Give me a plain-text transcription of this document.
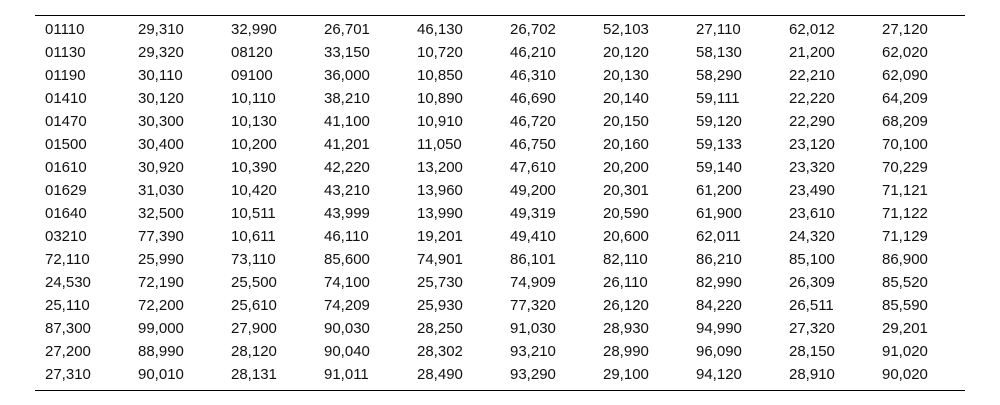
01110	29,310	32,990	26,701	46,130	26,702	52,103	27,110	62,012	27,120
01130	29,320	08120	33,150	10,720	46,210	20,120	58,130	21,200	62,020
01190	30,110	09100	36,000	10,850	46,310	20,130	58,290	22,210	62,090
01410	30,120	10,110	38,210	10,890	46,690	20,140	59,111	22,220	64,209
01470	30,300	10,130	41,100	10,910	46,720	20,150	59,120	22,290	68,209
01500	30,400	10,200	41,201	11,050	46,750	20,160	59,133	23,120	70,100
01610	30,920	10,390	42,220	13,200	47,610	20,200	59,140	23,320	70,229
01629	31,030	10,420	43,210	13,960	49,200	20,301	61,200	23,490	71,121
01640	32,500	10,511	43,999	13,990	49,319	20,590	61,900	23,610	71,122
03210	77,390	10,611	46,110	19,201	49,410	20,600	62,011	24,320	71,129
72,110	25,990	73,110	85,600	74,901	86,101	82,110	86,210	85,100	86,900
24,530	72,190	25,500	74,100	25,730	74,909	26,110	82,990	26,309	85,520
25,110	72,200	25,610	74,209	25,930	77,320	26,120	84,220	26,511	85,590
87,300	99,000	27,900	90,030	28,250	91,030	28,930	94,990	27,320	29,201
27,200	88,990	28,120	90,040	28,302	93,210	28,990	96,090	28,150	91,020
27,310	90,010	28,131	91,011	28,490	93,290	29,100	94,120	28,910	90,020
